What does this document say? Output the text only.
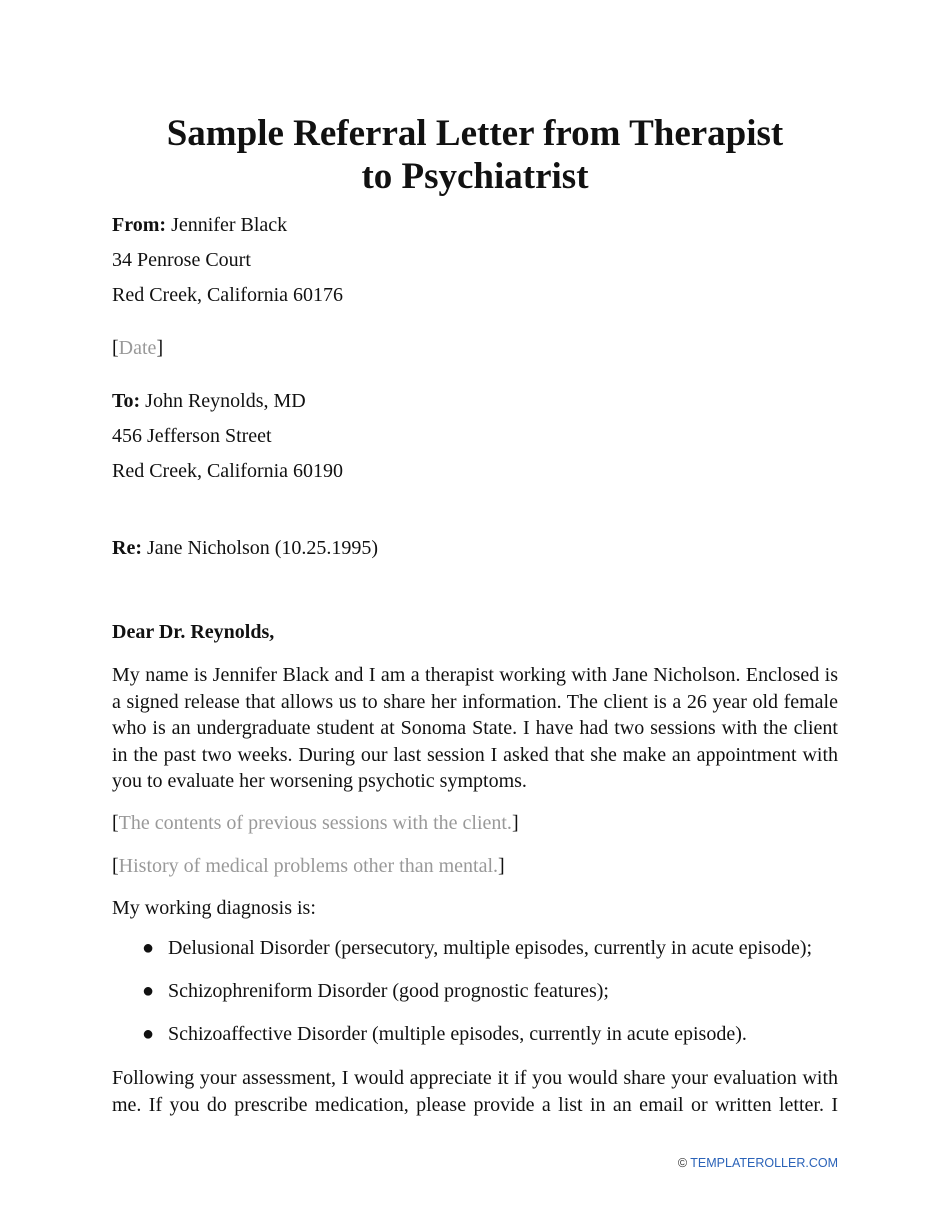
Sample Referral Letter from Therapist
to Psychiatrist

From: Jennifer Black

34 Penrose Court

Red Creek, California 60176

[Date]

To: John Reynolds, MD

456 Jefferson Street

Red Creek, California 60190

Re: Jane Nicholson (10.25.1995)

Dear Dr. Reynolds,

My name is Jennifer Black and I am a therapist working with Jane Nicholson. Enclosed is a signed release that allows us to share her information. The client is a 26 year old female who is an undergraduate student at Sonoma State. I have had two sessions with the client in the past two weeks. During our last session I asked that she make an appointment with you to evaluate her worsening psychotic symptoms.

[The contents of previous sessions with the client.]

[History of medical problems other than mental.]

My working diagnosis is:

● Delusional Disorder (persecutory, multiple episodes, currently in acute episode);
● Schizophreniform Disorder (good prognostic features);
● Schizoaffective Disorder (multiple episodes, currently in acute episode).

Following your assessment, I would appreciate it if you would share your evaluation with me. If you do prescribe medication, please provide a list in an email or written letter. I

© TEMPLATEROLLER.COM
